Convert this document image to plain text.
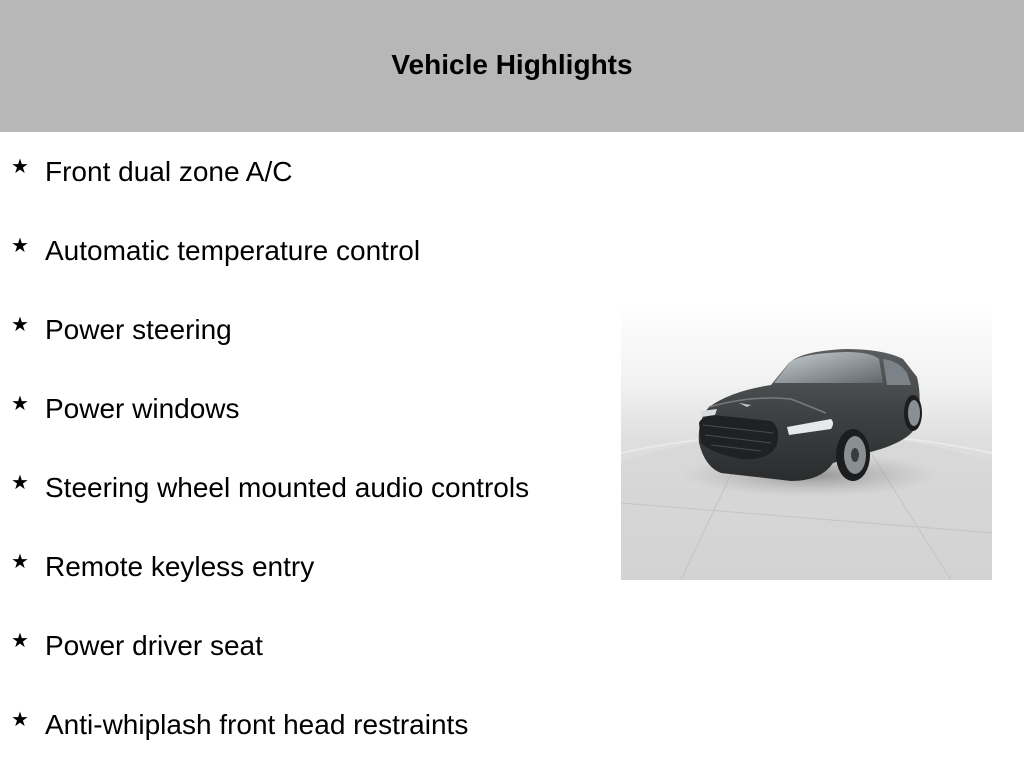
Vehicle Highlights
★ Front dual zone A/C
★ Automatic temperature control
★ Power steering
★ Power windows
★ Steering wheel mounted audio controls
★ Remote keyless entry
★ Power driver seat
★ Anti-whiplash front head restraints
